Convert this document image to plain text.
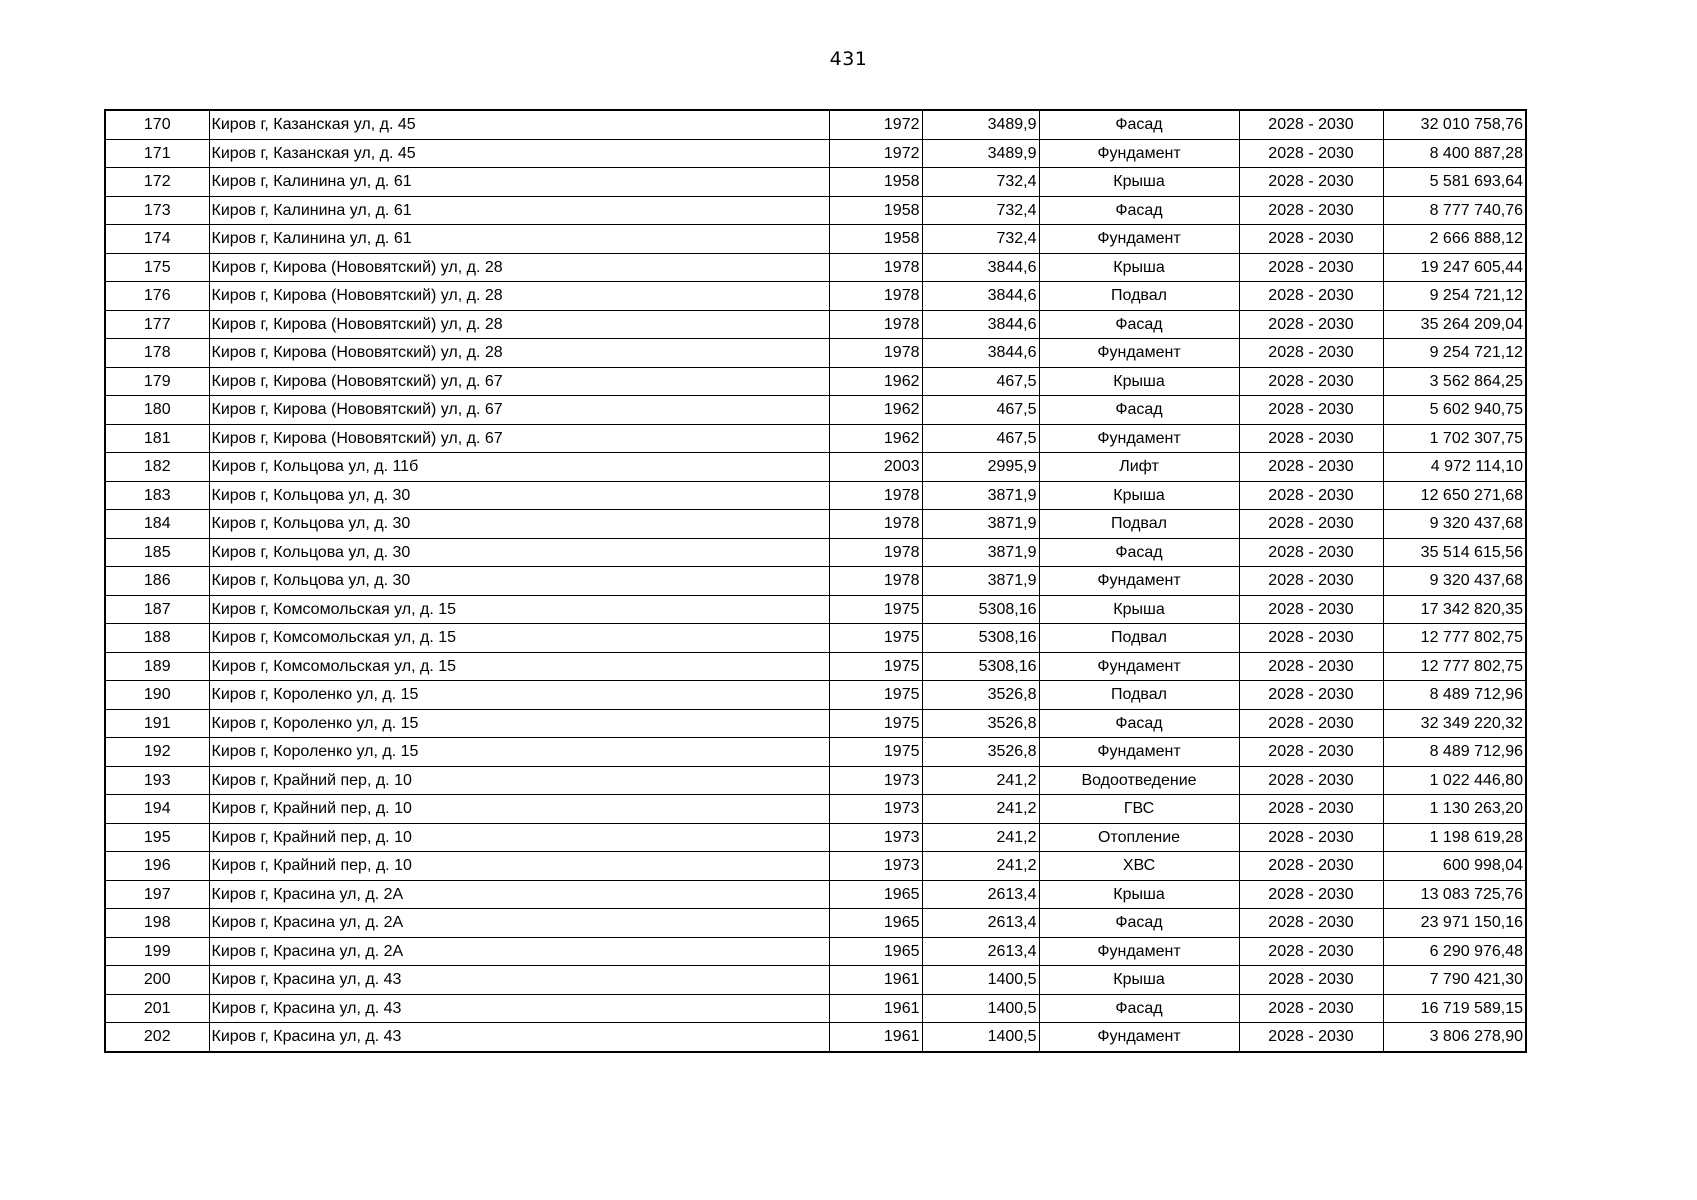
431
170	Киров г, Казанская ул, д. 45	1972	3489,9	Фасад	2028 - 2030	32 010 758,76
171	Киров г, Казанская ул, д. 45	1972	3489,9	Фундамент	2028 - 2030	8 400 887,28
172	Киров г, Калинина ул, д. 61	1958	732,4	Крыша	2028 - 2030	5 581 693,64
173	Киров г, Калинина ул, д. 61	1958	732,4	Фасад	2028 - 2030	8 777 740,76
174	Киров г, Калинина ул, д. 61	1958	732,4	Фундамент	2028 - 2030	2 666 888,12
175	Киров г, Кирова (Нововятский) ул, д. 28	1978	3844,6	Крыша	2028 - 2030	19 247 605,44
176	Киров г, Кирова (Нововятский) ул, д. 28	1978	3844,6	Подвал	2028 - 2030	9 254 721,12
177	Киров г, Кирова (Нововятский) ул, д. 28	1978	3844,6	Фасад	2028 - 2030	35 264 209,04
178	Киров г, Кирова (Нововятский) ул, д. 28	1978	3844,6	Фундамент	2028 - 2030	9 254 721,12
179	Киров г, Кирова (Нововятский) ул, д. 67	1962	467,5	Крыша	2028 - 2030	3 562 864,25
180	Киров г, Кирова (Нововятский) ул, д. 67	1962	467,5	Фасад	2028 - 2030	5 602 940,75
181	Киров г, Кирова (Нововятский) ул, д. 67	1962	467,5	Фундамент	2028 - 2030	1 702 307,75
182	Киров г, Кольцова ул, д. 11б	2003	2995,9	Лифт	2028 - 2030	4 972 114,10
183	Киров г, Кольцова ул, д. 30	1978	3871,9	Крыша	2028 - 2030	12 650 271,68
184	Киров г, Кольцова ул, д. 30	1978	3871,9	Подвал	2028 - 2030	9 320 437,68
185	Киров г, Кольцова ул, д. 30	1978	3871,9	Фасад	2028 - 2030	35 514 615,56
186	Киров г, Кольцова ул, д. 30	1978	3871,9	Фундамент	2028 - 2030	9 320 437,68
187	Киров г, Комсомольская ул, д. 15	1975	5308,16	Крыша	2028 - 2030	17 342 820,35
188	Киров г, Комсомольская ул, д. 15	1975	5308,16	Подвал	2028 - 2030	12 777 802,75
189	Киров г, Комсомольская ул, д. 15	1975	5308,16	Фундамент	2028 - 2030	12 777 802,75
190	Киров г, Короленко ул, д. 15	1975	3526,8	Подвал	2028 - 2030	8 489 712,96
191	Киров г, Короленко ул, д. 15	1975	3526,8	Фасад	2028 - 2030	32 349 220,32
192	Киров г, Короленко ул, д. 15	1975	3526,8	Фундамент	2028 - 2030	8 489 712,96
193	Киров г, Крайний пер, д. 10	1973	241,2	Водоотведение	2028 - 2030	1 022 446,80
194	Киров г, Крайний пер, д. 10	1973	241,2	ГВС	2028 - 2030	1 130 263,20
195	Киров г, Крайний пер, д. 10	1973	241,2	Отопление	2028 - 2030	1 198 619,28
196	Киров г, Крайний пер, д. 10	1973	241,2	ХВС	2028 - 2030	600 998,04
197	Киров г, Красина ул, д. 2А	1965	2613,4	Крыша	2028 - 2030	13 083 725,76
198	Киров г, Красина ул, д. 2А	1965	2613,4	Фасад	2028 - 2030	23 971 150,16
199	Киров г, Красина ул, д. 2А	1965	2613,4	Фундамент	2028 - 2030	6 290 976,48
200	Киров г, Красина ул, д. 43	1961	1400,5	Крыша	2028 - 2030	7 790 421,30
201	Киров г, Красина ул, д. 43	1961	1400,5	Фасад	2028 - 2030	16 719 589,15
202	Киров г, Красина ул, д. 43	1961	1400,5	Фундамент	2028 - 2030	3 806 278,90
